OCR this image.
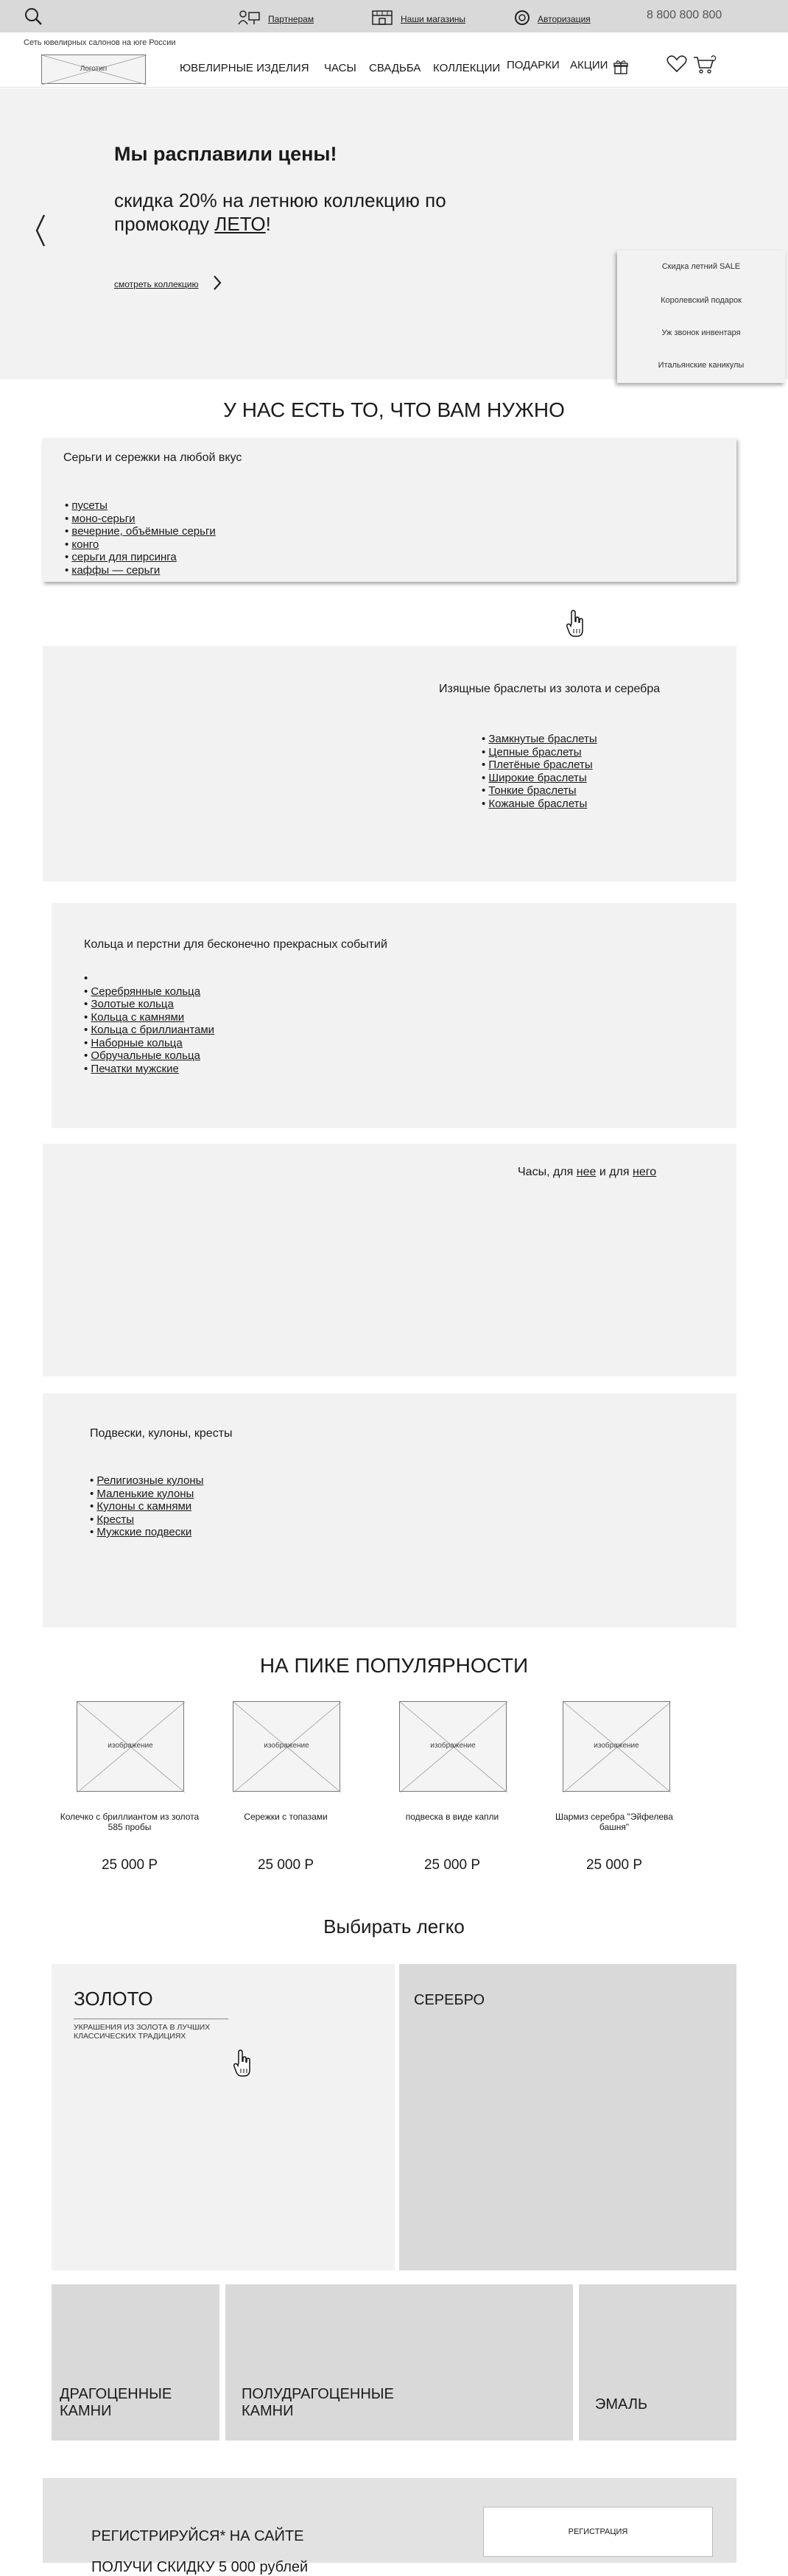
Партнерам	Наши магазины	Авторизация	8 800 800 800
Сеть ювелирных салонов на юге России
Логотип	ЮВЕЛИРНЫЕ ИЗДЕЛИЯ ЧАСЫ СВАДЬБА КОЛЛЕКЦИИ ПОДАРКИ АКЦИИ
Мы расплавили цены!
скидка 20% на летнюю коллекцию по промокоду ЛЕТО!
смотреть коллекцию
Скидка летний SALE
Королевский подарок
Уж звонок инвентаря
Итальянские каникулы
У НАС ЕСТЬ ТО, ЧТО ВАМ НУЖНО
Серьги и сережки на любой вкус
• пусеты
• моно-серьги
• вечерние, объёмные серьги
• конго
• серьги для пирсинга
• каффы — серьги
Изящные браслеты из золота и серебра
• Замкнутые браслеты
• Цепные браслеты
• Плетёные браслеты
• Широкие браслеты
• Тонкие браслеты
• Кожаные браслеты
Кольца и перстни для бесконечно прекрасных событий
•
• Серебрянные кольца
• Золотые кольца
• Кольца с камнями
• Кольца с бриллиантами
• Наборные кольца
• Обручальные кольца
• Печатки мужские
Часы, для нее и для него
Подвески, кулоны, кресты
• Религиозные кулоны
• Маленькие кулоны
• Кулоны с камнями
• Кресты
• Мужские подвески
НА ПИКЕ ПОПУЛЯРНОСТИ
изображение
Колечко с бриллиантом из золота 585 пробы
25 000 Р
изображение
Сережки с топазами
25 000 Р
изображение
подвеска в виде капли
25 000 Р
изображение
Шармиз серебра "Эйфелева башня"
25 000 Р
Выбирать легко
ЗОЛОТО
УКРАШЕНИЯ ИЗ ЗОЛОТА В ЛУЧШИХ КЛАССИЧЕСКИХ ТРАДИЦИЯХ
СЕРЕБРО
ДРАГОЦЕННЫЕ КАМНИ
ПОЛУДРАГОЦЕННЫЕ КАМНИ	ЭМАЛЬ
РЕГИСТРИРУЙСЯ* НА САЙТЕ
ПОЛУЧИ СКИДКУ 5 000 рублей
РЕГИСТРАЦИЯ
